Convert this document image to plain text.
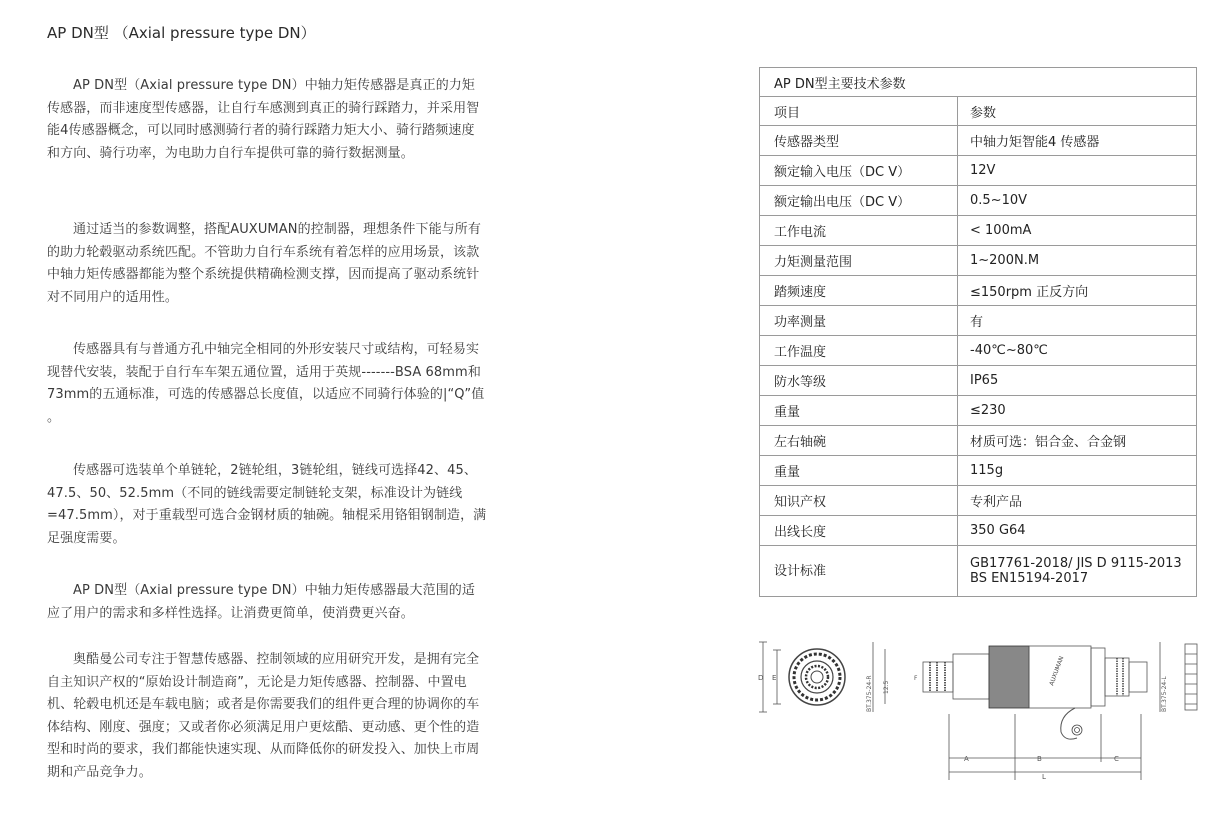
AP DN型 （Axial pressure type DN）

AP DN型（Axial pressure type DN）中轴力矩传感器是真正的力矩传感器，而非速度型传感器，让自行车感测到真正的骑行踩踏力，并采用智能4传感器概念，可以同时感测骑行者的骑行踩踏力矩大小、骑行踏频速度和方向、骑行功率，为电助力自行车提供可靠的骑行数据测量。

通过适当的参数调整，搭配AUXUMAN的控制器，理想条件下能与所有的助力轮毂驱动系统匹配。不管助力自行车系统有着怎样的应用场景，该款中轴力矩传感器都能为整个系统提供精确检测支撑，因而提高了驱动系统针对不同用户的适用性。

传感器具有与普通方孔中轴完全相同的外形安装尺寸或结构，可轻易实现替代安装，装配于自行车车架五通位置，适用于英规-------BSA 68mm和73mm的五通标准，可选的传感器总长度值，以适应不同骑行体验的|“Q”值 。

传感器可选装单个单链轮，2链轮组，3链轮组，链线可选择42、45、47.5、50、52.5mm（不同的链线需要定制链轮支架，标准设计为链线=47.5mm），对于重载型可选合金钢材质的轴碗。轴棍采用铬钼钢制造，满足强度需要。

AP DN型（Axial pressure type DN）中轴力矩传感器最大范围的适应了用户的需求和多样性选择。让消费更简单，使消费更兴奋。

奥酷曼公司专注于智慧传感器、控制领域的应用研究开发，是拥有完全自主知识产权的“原始设计制造商”，无论是力矩传感器、控制器、中置电机、轮毂电机还是车载电脑；或者是你需要我们的组件更合理的协调你的车体结构、刚度、强度；又或者你必须满足用户更炫酷、更动感、更个性的造型和时尚的要求，我们都能快速实现、从而降低你的研发投入、加快上市周期和产品竞争力。

AP DN型主要技术参数	
项目	参数
传感器类型	中轴力矩智能4 传感器
额定输入电压（DC V）	12V
额定输出电压（DC V）	0.5~10V
工作电流	< 100mA
力矩测量范围	1~200N.M
踏频速度	≤150rpm 正反方向
功率测量	有
工作温度	-40℃~80℃
防水等级	IP65
重量	≤230
左右轴碗	材质可选：铝合金、合金钢
重量	115g
知识产权	专利产品
出线长度	350 G64
设计标准	GB17761-2018/ JIS D 9115-2013
BS EN15194-2017
D E	BT.375-24-R 12.5
F	AUXUMAN
BT.375-24-L
A	B	C
L
